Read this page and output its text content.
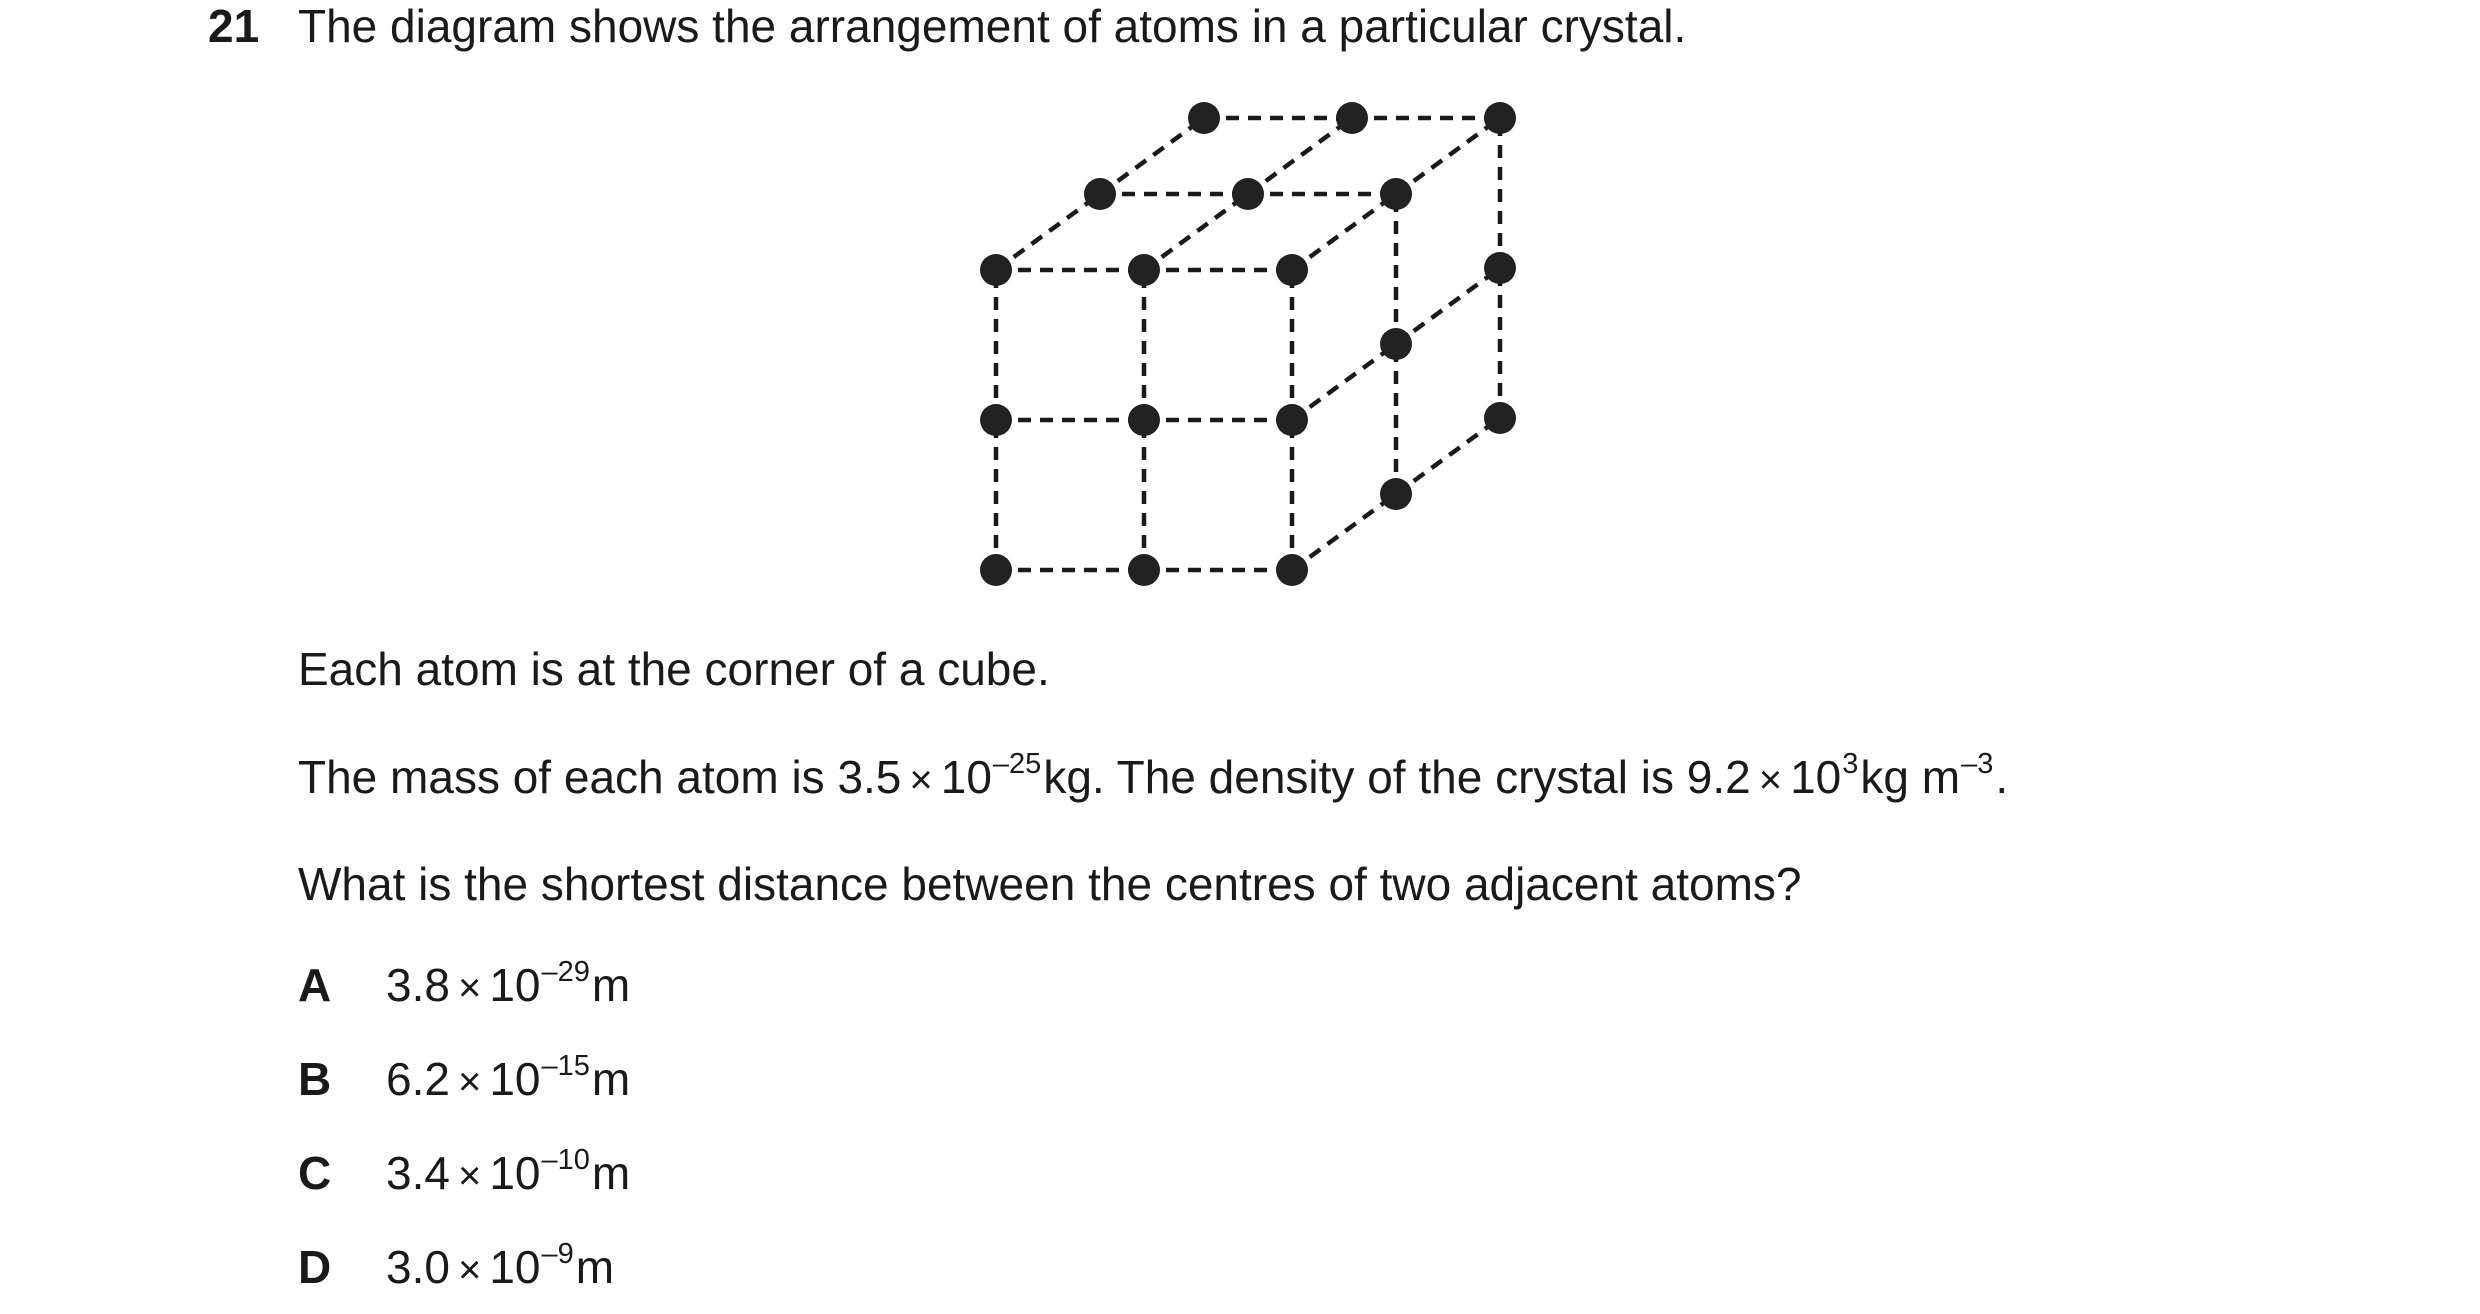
21 The diagram shows the arrangement of atoms in a particular crystal.
Each atom is at the corner of a cube.
The mass of each atom is $3.5 \times 10^{-25}kg$. The density of the crystal is $9.2 \times 10^3kg$ $m^{-3}$.
What is the shortest distance between the centres of two adjacent atoms?
A $3.8 \times 10^{-29}m$
B $6.2 \times 10^{-15}m$
C $3.4 \times 10^{-10}m$
D $3.0 \times 10^{-9}m$
